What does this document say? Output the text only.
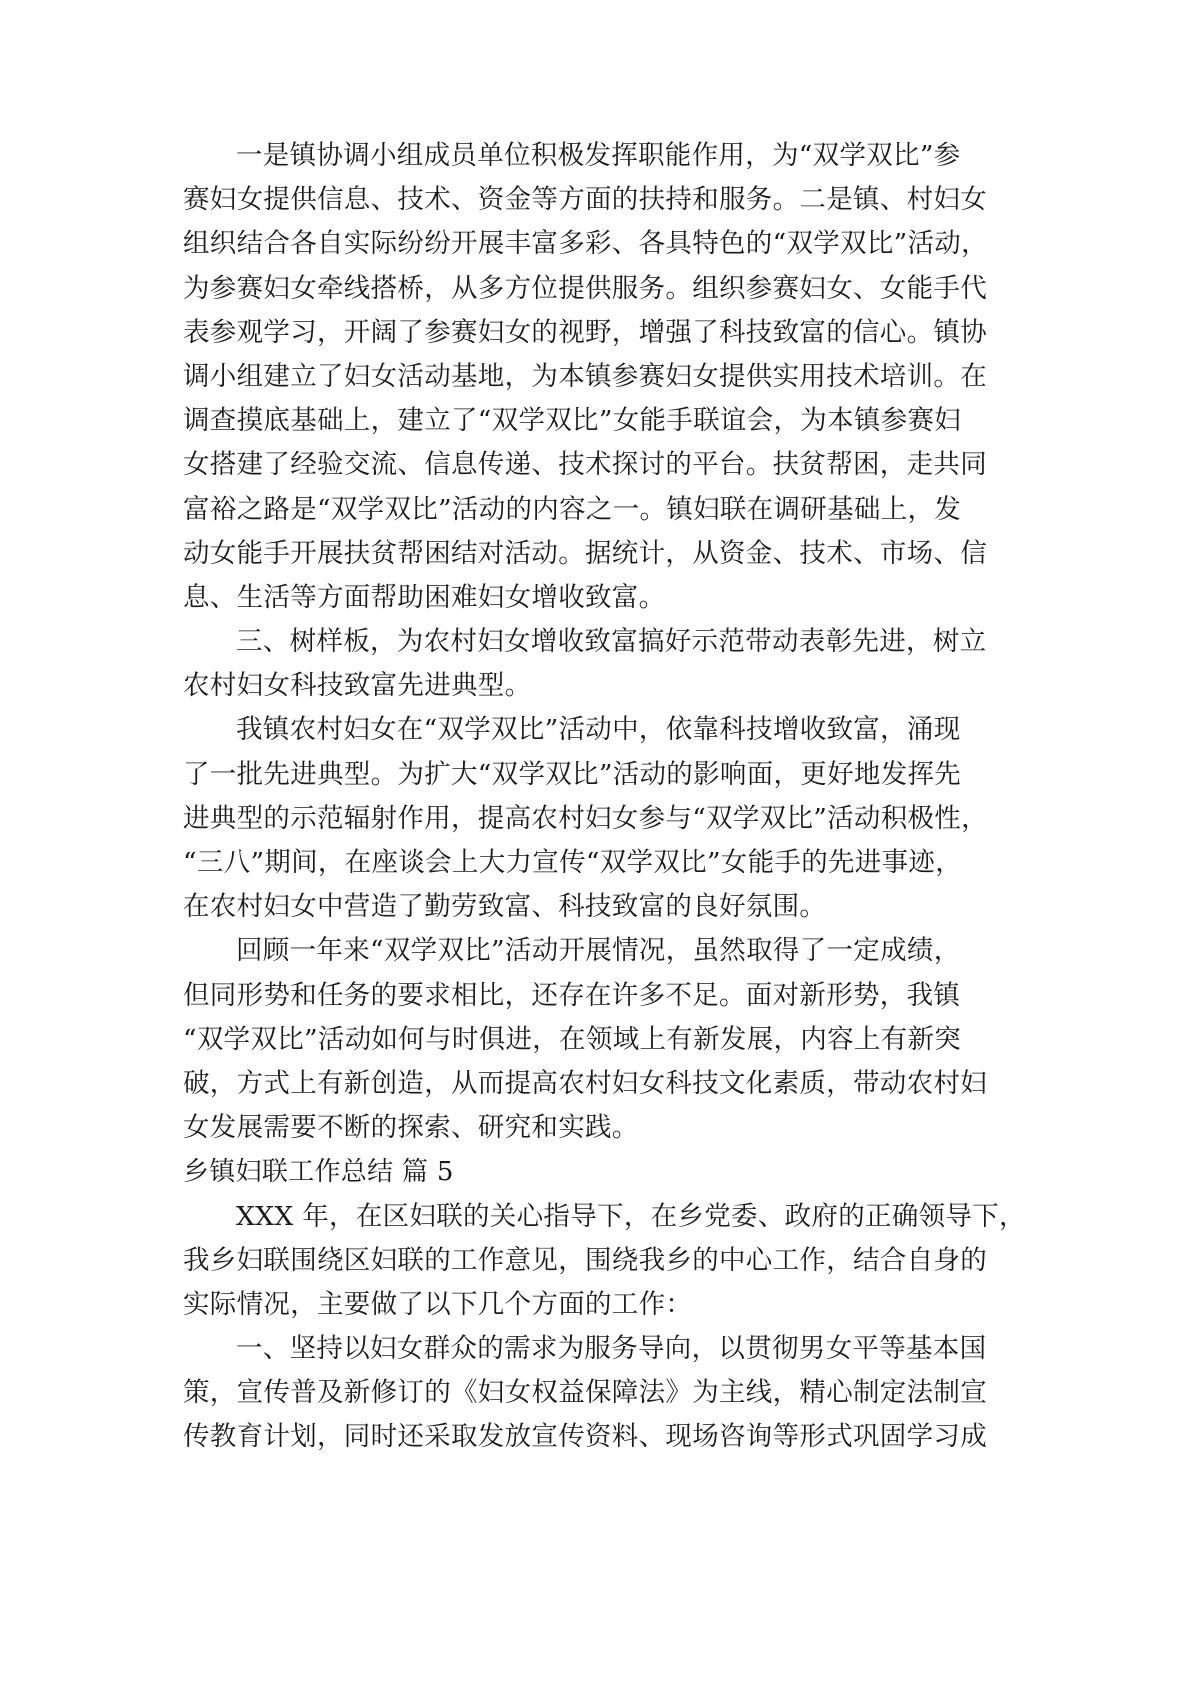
一是镇协调小组成员单位积极发挥职能作用，为“双学双比”参
赛妇女提供信息、技术、资金等方面的扶持和服务。二是镇、村妇女
组织结合各自实际纷纷开展丰富多彩、各具特色的“双学双比”活动，
为参赛妇女牵线搭桥，从多方位提供服务。组织参赛妇女、女能手代
表参观学习，开阔了参赛妇女的视野，增强了科技致富的信心。镇协
调小组建立了妇女活动基地，为本镇参赛妇女提供实用技术培训。在
调查摸底基础上，建立了“双学双比”女能手联谊会，为本镇参赛妇
女搭建了经验交流、信息传递、技术探讨的平台。扶贫帮困，走共同
富裕之路是“双学双比”活动的内容之一。镇妇联在调研基础上，发
动女能手开展扶贫帮困结对活动。据统计，从资金、技术、市场、信
息、生活等方面帮助困难妇女增收致富。
三、树样板，为农村妇女增收致富搞好示范带动表彰先进，树立
农村妇女科技致富先进典型。
我镇农村妇女在“双学双比”活动中，依靠科技增收致富，涌现
了一批先进典型。为扩大“双学双比”活动的影响面，更好地发挥先
进典型的示范辐射作用，提高农村妇女参与“双学双比”活动积极性，
“三八”期间，在座谈会上大力宣传“双学双比”女能手的先进事迹，
在农村妇女中营造了勤劳致富、科技致富的良好氛围。
回顾一年来“双学双比”活动开展情况，虽然取得了一定成绩，
但同形势和任务的要求相比，还存在许多不足。面对新形势，我镇
“双学双比”活动如何与时俱进，在领域上有新发展，内容上有新突
破，方式上有新创造，从而提高农村妇女科技文化素质，带动农村妇
女发展需要不断的探索、研究和实践。
乡镇妇联工作总结 篇 5
XXX 年，在区妇联的关心指导下，在乡党委、政府的正确领导下，
我乡妇联围绕区妇联的工作意见，围绕我乡的中心工作，结合自身的
实际情况，主要做了以下几个方面的工作：
一、坚持以妇女群众的需求为服务导向，以贯彻男女平等基本国
策，宣传普及新修订的《妇女权益保障法》为主线，精心制定法制宣
传教育计划，同时还采取发放宣传资料、现场咨询等形式巩固学习成
